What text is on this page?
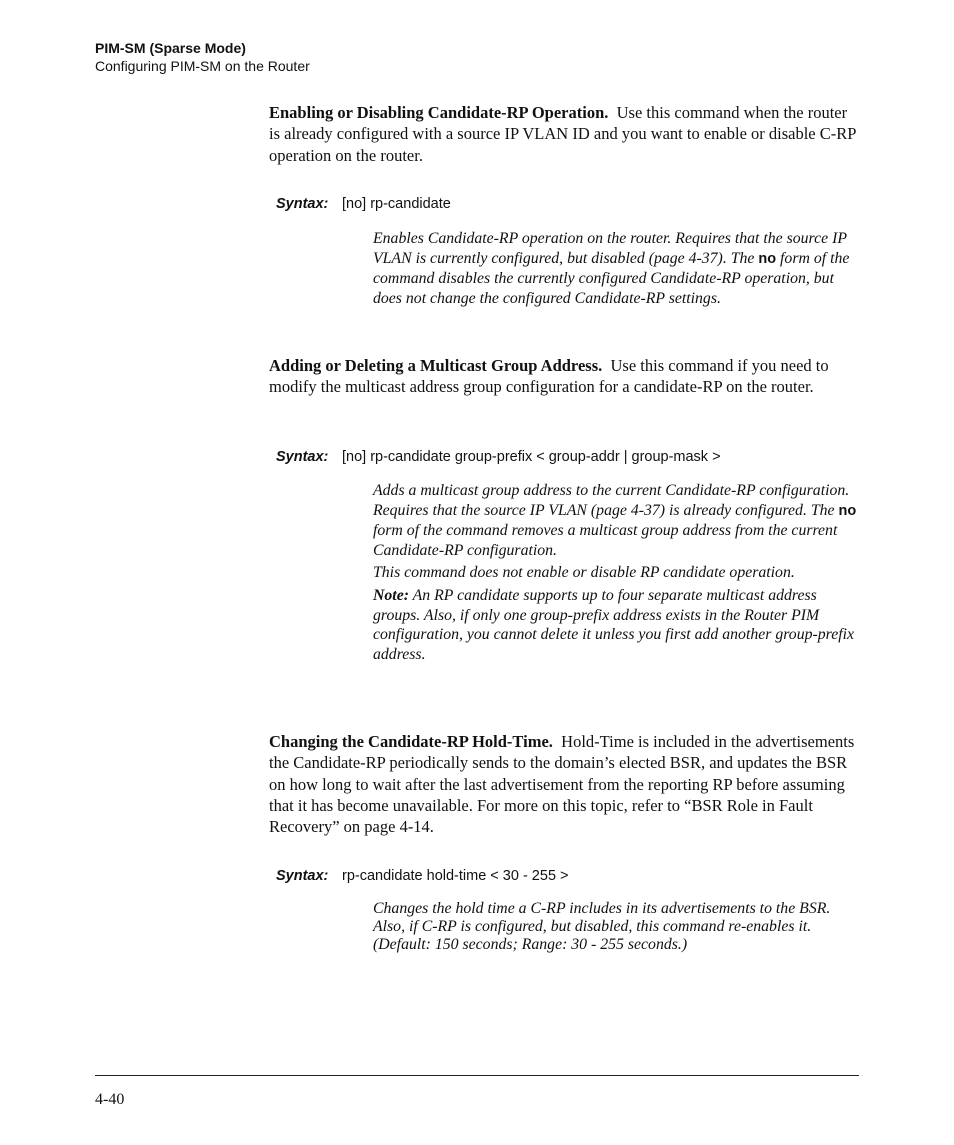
PIM-SM (Sparse Mode)
Configuring PIM-SM on the Router
Enabling or Disabling Candidate-RP Operation. Use this command when the router is already configured with a source IP VLAN ID and you want to enable or disable C-RP operation on the router.
Syntax: [no] rp-candidate

Enables Candidate-RP operation on the router. Requires that the source IP VLAN is currently configured, but disabled (page 4-37). The no form of the command disables the currently configured Candidate-RP operation, but does not change the configured Candidate-RP settings.

Adding or Deleting a Multicast Group Address. Use this command if you need to modify the multicast address group configuration for a candidate-RP on the router.
Syntax: [no] rp-candidate group-prefix < group-addr | group-mask >

Adds a multicast group address to the current Candidate-RP configuration. Requires that the source IP VLAN (page 4-37) is already configured. The no form of the command removes a multicast group address from the current Candidate-RP configuration.

This command does not enable or disable RP candidate operation.

Note: An RP candidate supports up to four separate multicast address groups. Also, if only one group-prefix address exists in the Router PIM configuration, you cannot delete it unless you first add another group-prefix address.

Changing the Candidate-RP Hold-Time. Hold-Time is included in the advertisements the Candidate-RP periodically sends to the domain’s elected BSR, and updates the BSR on how long to wait after the last advertisement from the reporting RP before assuming that it has become unavailable. For more on this topic, refer to “BSR Role in Fault Recovery” on page 4-14.
Syntax: rp-candidate hold-time < 30 - 255 >

Changes the hold time a C-RP includes in its advertisements to the BSR. Also, if C-RP is configured, but disabled, this command re-enables it.

(Default: 150 seconds; Range: 30 - 255 seconds.)

4-40
